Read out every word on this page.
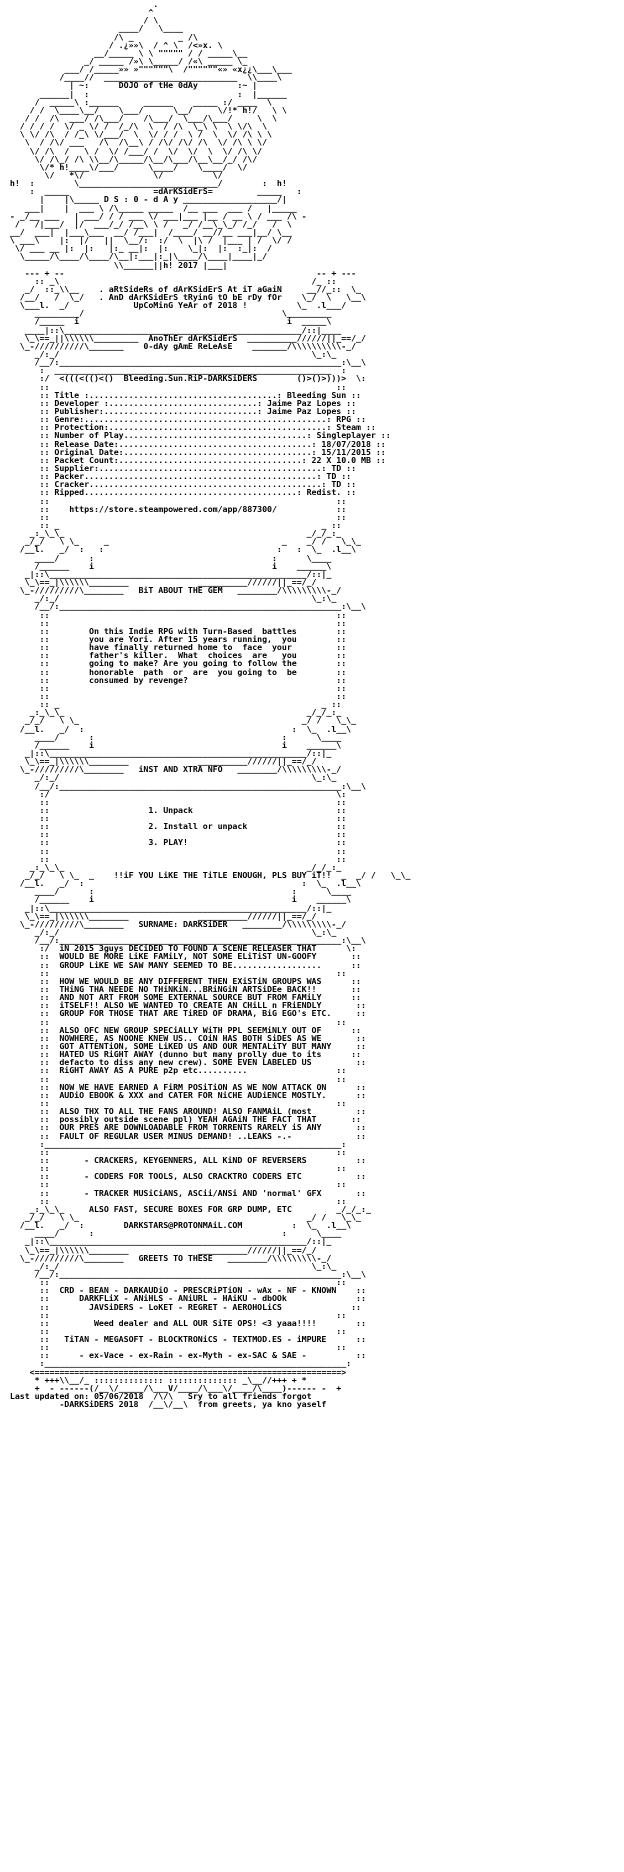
.
^
/ \
____/   \____
/\ _         _ /\
/ .¿»»\  / ^ \  /<»x. \
__/_____ \ \ """"" / / _____\__
_/ _____ /»\ \_____/ /«\ _____ \_
___/ /_____»» »""""""\  /""""""«» «x¿¿\___\___
/____//  ___________________________  \\____\
| ~:      DOJO of tHe 0dAy        :~ |
______|  :                              :  |______
/  _____\ :______     ______    _____ :/ ____  \
/ /  \____\__/    \___/      \__/     \/!* h!/   \ \
/ /  /\  ___/ /\___/    /\___/  \___/\___/     \  \
/ / / /  \/ _ \/ /  /_/\  \  / /\  \_\ \  \ \/\  \
\ \/ /\  / /_\ \/___/  \  \/ / /  \ /  \  \/ /\ \ \
\  / /\/ ___   /\  /\__\ / /\/ /\/ /\  \/ /\ \ \/
\/ /\  /   \ /  \/ /___/ /  \/  \/  \  \/ /\ \/
\/ /\_/ /\ \\__/\_____/\__/\___/\__\__/_/ /\/
\/* h!____\/___/      \____/    \____/  \/
\/   *\/              \/          \/
h!  :        \____________________________/        :  h!
:  _____                 =dArKSidErS=         _____   :
|    |\_____ D S : 0 - d A y ___________________/|
___|    |  ___ \ /\_____ _____  /__ ___  ___ /   |_____
- _/__ ___   | ___/ / / ___ \/ ___|___ |__ / __ \ / ___ /\ -
/   /|___/  |/  ___/_/ /__\ \ /   _/ /__\_\_/ /_/   /  \
__/  ___|  |___\___  __/ /___|  /____/ __//__ ___|__/ \__
\ ___\    |:  |/   ||  \__/:  :/  \  |\ /  |___ | /  \/ /
\/ ___ __ |:  |:   |:_ __|:  |:    \_|:  |:  :_|:  /
\_____/\____/\____/\__|:___|:_|\____/\____|____|_/
\\______||h! 2017 |___|
--- + --                                                   -- + ---
:: _\                                                   /_ ::
_/  ::_\\__    . aRtSideRs of dArKSidErS At iT aGaiN     __//_::  \_
/__/   /  \_/   . AnD dArKSidErS tRyinG tO bE rDy fOr    \_/  \   \__\
\___l.  _/             UpCoMinG YeAr of 2018 !          \_  .l___/
_________/                                        \_________
/_____  i                                          i  _____\
____|::\________________________________________________/::|____
\_\==_||\\\\\\_________  AnoThEr dArKSidErS  __________//////||_==/_/
\_-//////////\_______    0-dAy gAmE ReLeAsE    _______/\\\\\\\\\\-_/
_/:_/                                                   \_:\_
/__/:_________________________________________________________:\__\
:  ________________________________________________________  :
:/  <(((<(()<()  Bleeding.Sun.RiP-DARKSiDERS        ()>()>)))>  \:
::                                                          ::
:: Title :......................................: Bleeding Sun ::
:: Developer :..............................: Jaime Paz Lopes ::
:: Publisher:...............................: Jaime Paz Lopes ::
:: Genre:.................................................: RPG ::
:: Protection:............................................: Steam ::
:: Number of Play.....................................: Singleplayer ::
:: Release Date:.......................................: 18/07/2018 ::
:: Original Date:......................................: 15/11/2015 ::
:: Packet Count:.....................................: 22 X 10.0 MB ::
:: Supplier:.............................................: TD ::
:: Packer...............................................: TD ::
:: Cracker...............................................: TD ::
:: Ripped...........................................: Redist. ::
::                                                          ::
::    https://store.steampowered.com/app/887300/            ::
::                                                          ::
:: _                                                     _ ::
_:_\_\_                                                 _/_/_:_
_/_/   \ \_     _                                   _    _/ /   \_\_
/__l.   _/  :   :                                   :   :  \_  .l__\
____/      :                                    :      \____
/______    i                                    i    ______\
_|::\____________________________________________________/::|_
\_\==_|\\\\\\________              __________//////||_==/_/
\_-/////////\________   BiT ABOUT THE GEM   ________/\\\\\\\\\-_/
_/:_/                                                   \_:\_
/__/:_________________________________________________________:\__\
::                                                          ::
::                                                          ::
::        On this Indie RPG with Turn-Based  battles        ::
::        you are Yori. After 15 years running,  you        ::
::        have finally returned home to  face  your         ::
::        father's killer.  What  choices  are   you        ::
::        going to make? Are you going to follow the        ::
::        honorable  path  or  are  you going to  be        ::
::        consumed by revenge?                              ::
::                                                          ::
::                                                          ::
:: _                                                     _ ::
_:_\_\_                                                 _/_/_:_
_/_/   \ \_                                             _/ /   \_\_
/__l.   _/  :                                          :  \_  .l__\
____/      :                                      :      \____
/______    i                                      i    ______\
_|::\____________________________________________________/::|_
\_\==_|\\\\\\________              __________//////||_==/_/
\_-/////////\________   iNST AND XTRA NFO   ________/\\\\\\\\\-_/
_/:_/                                                   \_:\_
/__/:_________________________________________________________:\__\
:/                                                          \:
::                                                          ::
::                    1. Unpack                             ::
::                                                          ::
::                    2. Install or unpack                  ::
::                                                          ::
::                    3. PLAY!                              ::
::                                                          ::
::                                                          ::
_:_\_\_                                                 _/_/_:_
_/_/   \ \_  _    !!iF YOU LiKE THE TiTLE ENOUGH, PLS BUY iT!!  _  _/ /   \_\_
/__l.   _/  :                                            :  \_  .l__\
____/      :                                        :      \____
/______    i                                        i    ______\
_|::\____________________________________________________/::|_
\_\==_|\\\\\\________              __________//////||_==/_/
\_-/////////\________   SURNAME: DARKSiDER   ________/\\\\\\\\\-_/
_/:_/                                                   \_:\_
/__/:_________________________________________________________:\__\
:/  iN 2015 3guys DECiDED TO FOUND A SCENE RELEASER THAT      \:
::  WOULD BE MORE LiKE FAMiLY, NOT SOME ELiTiST UN-GOOFY       ::
::  GROUP LiKE WE SAW MANY SEEMED TO BE..................      ::
::                                                          ::
::  HOW WE WOULD BE ANY DIFFERENT THEN EXiSTiN GROUPS WAS      ::
::  THiNG THA NEEDE NO THiNKiN...BRiNGiN ARTSiDEe BACK!!       ::
::  AND NOT ART FROM SOME EXTERNAL SOURCE BUT FROM FAMiLY      ::
::  iTSELF!! ALSO WE WANTED TO CREATE AN CHiLL n FRiENDLY       ::
::  GROUP FOR THOSE THAT ARE TiRED OF DRAMA, BiG EGO's ETC.     ::
::                                                          ::
::  ALSO OFC NEW GROUP SPECiALLY WiTH PPL SEEMiNLY OUT OF      ::
::  NOWHERE, AS NOONE KNEW US.. COiN HAS BOTH SiDES AS WE       ::
::  GOT ATTENTiON, SOME LiKED US AND OUR MENTALiTY BUT MANY     ::
::  HATED US RiGHT AWAY (dunno but many prolly due to its      ::
::  defacto to diss any new crew). SOME EVEN LABELED US         ::
::  RiGHT AWAY AS A PURE p2p etc..........                  ::
::                                                          ::
::  NOW WE HAVE EARNED A FiRM POSiTiON AS WE NOW ATTACK ON      ::
::  AUDiO EBOOK & XXX and CATER FOR NiCHE AUDiENCE MOSTLY.      ::
::                                                          ::
::  ALSO THX TO ALL THE FANS AROUND! ALSO FANMAiL (most         ::
::  possibly outside scene ppl) YEAH AGAiN THE FACT THAT       ::
::  OUR PRES ARE DOWNLOADABLE FROM TORRENTS RARELY iS ANY       ::
::  FAULT OF REGULAR USER MINUS DEMAND! ..LEAKS -.-             ::
:____________________________________________________________:
::                                                          ::
::       - CRACKERS, KEYGENNERS, ALL KiND OF REVERSERS          ::
::                                                          ::
::       - CODERS FOR TOOLS, ALSO CRACKTRO CODERS ETC           ::
::                                                          ::
::       - TRACKER MUSiCiANS, ASCii/ANSi AND 'normal' GFX       ::
::                                                          ::
_:_\_\_     ALSO FAST, SECURE BOXES FOR GRP DUMP, ETC         _/_/_:_
_/_/   \ \_                                              _/ /   \_\_
/__l.   _/  :        DARKSTARS@PROTONMAiL.COM          :  \_  .l__\
____/      :                                      :      \____
_|::\____________________________________________________/::|_
\_\==_|\\\\\\________              __________//////||_==/_/
\_-/////////\________   GREETS TO THESE   ________/\\\\\\\\\-_/
_/:_/                                                   \_:\_
/__/:_________________________________________________________:\__\
::                                                          ::
::  CRD - BEAN - DARKAUDiO - PRESCRiPTiON - wAx - NF - KNOWN    ::
::      DARKFLiX - ANiHLS - ANiURL - HAiKU - dbOOk              ::
::        JAVSiDERS - LoKET - REGRET - AEROHOLiCS              ::
::                                                          ::
::         Weed dealer and ALL OUR SiTE OPS! <3 yaaa!!!!        ::
::                                                          ::
::   TiTAN - MEGASOFT - BLOCKTRONiCS - TEXTMOD.ES - iMPURE      ::
::                                                          ::
::      - ex-Vace - ex-Rain - ex-Myth - ex-SAC & SAE -          ::
:_____________________________________________________________:
<==============================================================>
* +++\\__/_ :::::::::::::: :::::::::::::: _\__//+++ + *
+  - ------(/__\/_____/\___V/____/\___\/____/\____)------ -  +
Last updated on: 05/06/2018  /\/\   Sry to all friends forgot
-DARKSiDERS 2018  /__\/__\  from greets, ya kno yaself
